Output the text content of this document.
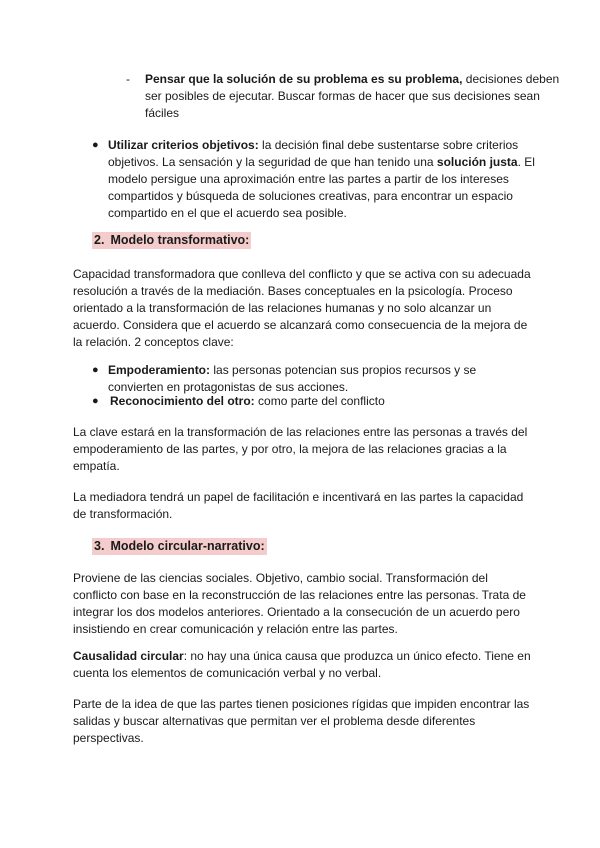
- Pensar que la solución de su problema es su problema, decisiones deben ser posibles de ejecutar. Buscar formas de hacer que sus decisiones sean fáciles

● Utilizar criterios objetivos: la decisión final debe sustentarse sobre criterios objetivos. La sensación y la seguridad de que han tenido una solución justa. El modelo persigue una aproximación entre las partes a partir de los intereses compartidos y búsqueda de soluciones creativas, para encontrar un espacio compartido en el que el acuerdo sea posible.

2. Modelo transformativo:

Capacidad transformadora que conlleva del conflicto y que se activa con su adecuada resolución a través de la mediación. Bases conceptuales en la psicología. Proceso orientado a la transformación de las relaciones humanas y no solo alcanzar un acuerdo. Considera que el acuerdo se alcanzará como consecuencia de la mejora de la relación. 2 conceptos clave:

● Empoderamiento: las personas potencian sus propios recursos y se convierten en protagonistas de sus acciones.

● Reconocimiento del otro: como parte del conflicto

La clave estará en la transformación de las relaciones entre las personas a través del empoderamiento de las partes, y por otro, la mejora de las relaciones gracias a la empatía.

La mediadora tendrá un papel de facilitación e incentivará en las partes la capacidad de transformación.

3. Modelo circular-narrativo:

Proviene de las ciencias sociales. Objetivo, cambio social. Transformación del conflicto con base en la reconstrucción de las relaciones entre las personas. Trata de integrar los dos modelos anteriores. Orientado a la consecución de un acuerdo pero insistiendo en crear comunicación y relación entre las partes.

Causalidad circular: no hay una única causa que produzca un único efecto. Tiene en cuenta los elementos de comunicación verbal y no verbal.

Parte de la idea de que las partes tienen posiciones rígidas que impiden encontrar las salidas y buscar alternativas que permitan ver el problema desde diferentes perspectivas.
